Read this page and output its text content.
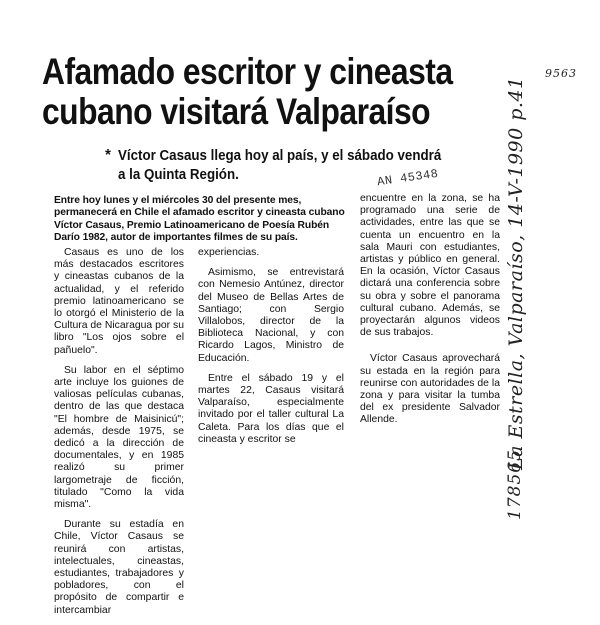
Afamado escritor y cineasta
cubano visitará Valparaíso
* Víctor Casaus llega hoy al país, y el sábado vendrá a la Quinta Región.
Entre hoy lunes y el miércoles 30 del presente mes, permanecerá en Chile el afamado escritor y cineasta cubano Víctor Casaus, Premio Latinoamericano de Poesía Rubén Darío 1982, autor de importantes filmes de su país.

Casaus es uno de los más destacados escritores y cineastas cubanos de la actualidad, y el referido premio latinoamericano se lo otorgó el Ministerio de la Cultura de Nicaragua por su libro "Los ojos sobre el pañuelo".

Su labor en el séptimo arte incluye los guiones de valiosas películas cubanas, dentro de las que destaca "El hombre de Maisinicú"; además, desde 1975, se dedicó a la dirección de documentales, y en 1985 realizó su primer largometraje de ficción, titulado "Como la vida misma".

Durante su estadía en Chile, Víctor Casaus se reunirá con artistas, intelectuales, cineastas, estudiantes, trabajadores y pobladores, con el propósito de compartir e intercambiar

experiencias.

Asimismo, se entrevistará con Nemesio Antúnez, director del Museo de Bellas Artes de Santiago; con Sergio Villalobos, director de la Biblioteca Nacional, y con Ricardo Lagos, Ministro de Educación.

Entre el sábado 19 y el martes 22, Casaus visitará Valparaíso, especialmente invitado por el taller cultural La Caleta. Para los días que el cineasta y escritor se

encuentre en la zona, se ha programado una serie de actividades, entre las que se cuenta un encuentro en la sala Mauri con estudiantes, artistas y público en general. En la ocasión, Víctor Casaus dictará una conferencia sobre su obra y sobre el panorama cultural cubano. Además, se proyectarán algunos videos de sus trabajos.

Víctor Casaus aprovechará su estada en la región para reunirse con autoridades de la zona y para visitar la tumba del ex presidente Salvador Allende.

AN 45348
9563
La Estrella, Valparaíso, 14-V-1990 p.41
178565
